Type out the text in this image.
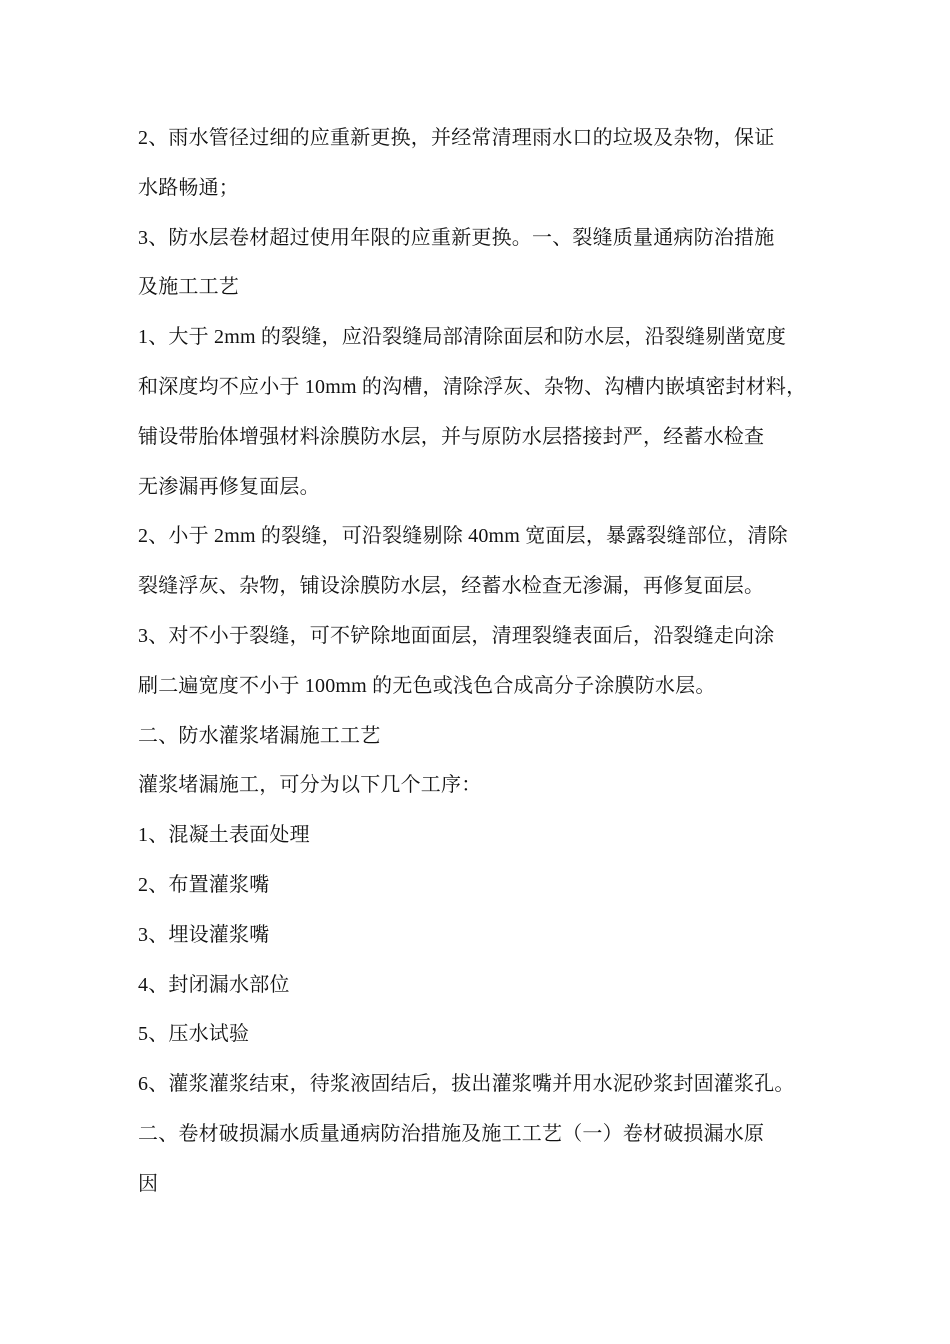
2、雨水管径过细的应重新更换，并经常清理雨水口的垃圾及杂物，保证
水路畅通；
3、防水层卷材超过使用年限的应重新更换。一、裂缝质量通病防治措施
及施工工艺
1、大于 2mm 的裂缝，应沿裂缝局部清除面层和防水层，沿裂缝剔凿宽度
和深度均不应小于 10mm 的沟槽，清除浮灰、杂物、沟槽内嵌填密封材料，
铺设带胎体增强材料涂膜防水层，并与原防水层搭接封严，经蓄水检查
无渗漏再修复面层。
2、小于 2mm 的裂缝，可沿裂缝剔除 40mm 宽面层，暴露裂缝部位，清除
裂缝浮灰、杂物，铺设涂膜防水层，经蓄水检查无渗漏，再修复面层。
3、对不小于裂缝，可不铲除地面面层，清理裂缝表面后，沿裂缝走向涂
刷二遍宽度不小于 100mm 的无色或浅色合成高分子涂膜防水层。
二、防水灌浆堵漏施工工艺
灌浆堵漏施工，可分为以下几个工序：
1、混凝土表面处理
2、布置灌浆嘴
3、埋设灌浆嘴
4、封闭漏水部位
5、压水试验
6、灌浆灌浆结束，待浆液固结后，拔出灌浆嘴并用水泥砂浆封固灌浆孔。
二、卷材破损漏水质量通病防治措施及施工工艺（一）卷材破损漏水原
因
